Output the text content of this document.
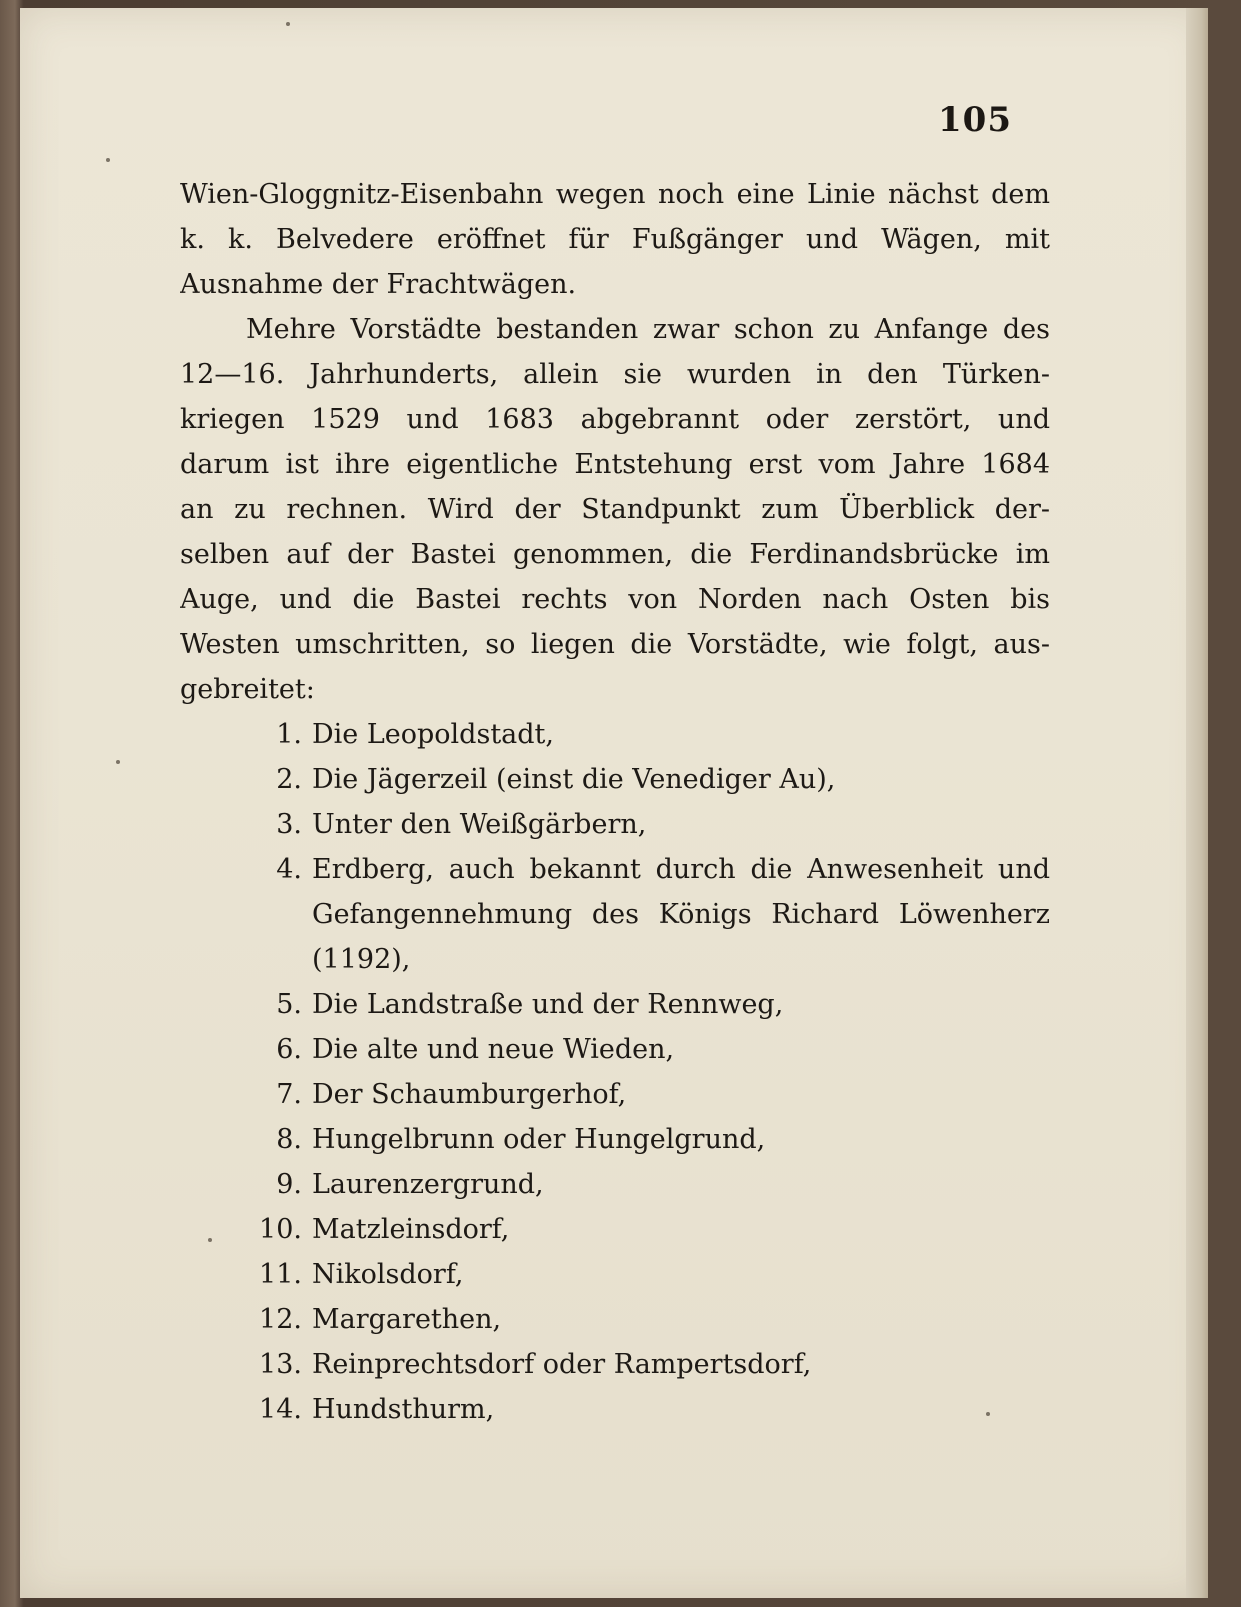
105
Wien-Gloggnitz-Eisenbahn wegen noch eine Linie nächst dem
k. k. Belvedere eröffnet für Fußgänger und Wägen, mit
Ausnahme der Frachtwägen.
Mehre Vorstädte bestanden zwar schon zu Anfange des
12—16. Jahrhunderts, allein sie wurden in den Türken-
kriegen 1529 und 1683 abgebrannt oder zerstört, und
darum ist ihre eigentliche Entstehung erst vom Jahre 1684
an zu rechnen. Wird der Standpunkt zum Überblick der-
selben auf der Bastei genommen, die Ferdinandsbrücke im
Auge, und die Bastei rechts von Norden nach Osten bis
Westen umschritten, so liegen die Vorstädte, wie folgt, aus-
gebreitet:
1. Die Leopoldstadt,
2. Die Jägerzeil (einst die Venediger Au),
3. Unter den Weißgärbern,
4. Erdberg, auch bekannt durch die Anwesenheit und
Gefangennehmung des Königs Richard Löwenherz
(1192),
5. Die Landstraße und der Rennweg,
6. Die alte und neue Wieden,
7. Der Schaumburgerhof,
8. Hungelbrunn oder Hungelgrund,
9. Laurenzergrund,
10. Matzleinsdorf,
11. Nikolsdorf,
12. Margarethen,
13. Reinprechtsdorf oder Rampertsdorf,
14. Hundsthurm,
